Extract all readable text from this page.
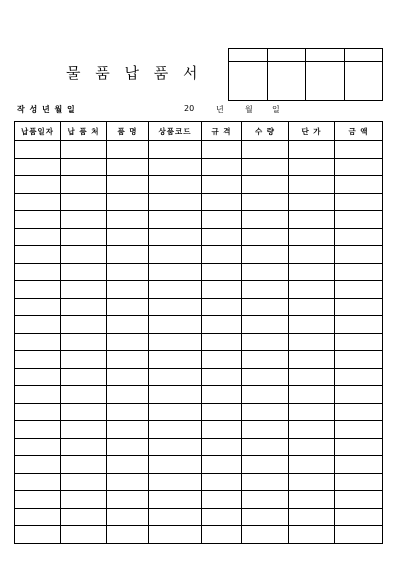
물 품 납 품 서

작 성 년 월 일	20	년	월 일
납품일자	납 품 처	품 명	상품코드	규 격	수 량	단 가	금 액
